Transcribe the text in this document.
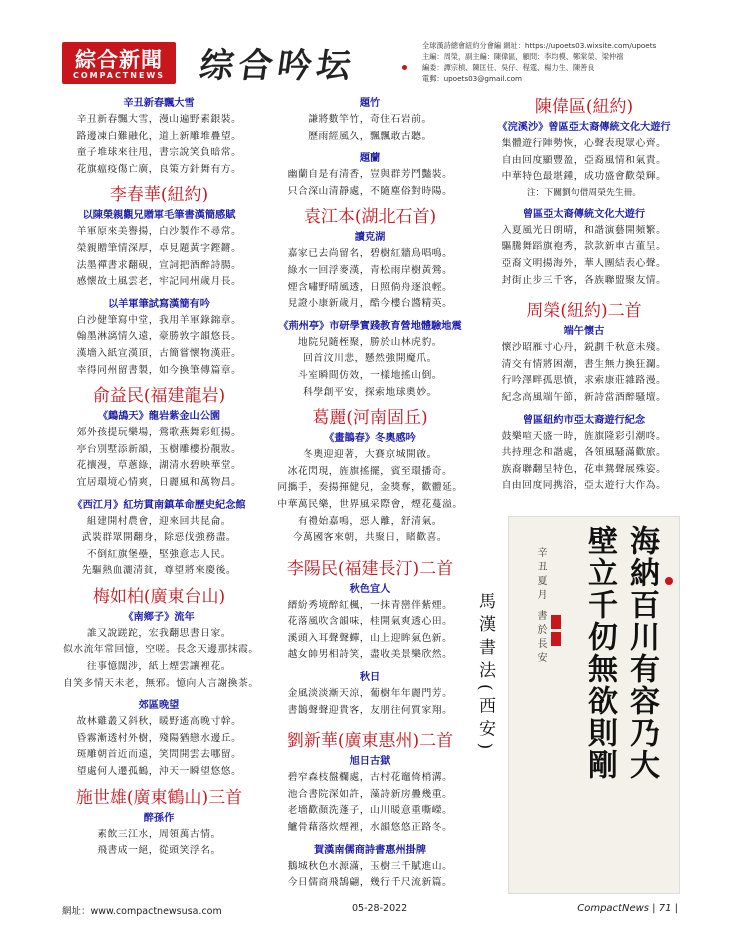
綜合新聞
COMPACTNEWS 综合吟坛
全球漢詩總會紐約分會編 網址：https://upoets03.wixsite.com/upoets
主編：周榮，副主編：陳偉區，顧問：李均模、鄭棠榮、梁仲禧
編委：譚宗楨、陳匡任、吳仔、程霆、楊力生、陳善良
電郵：upoets03@gmail.com
辛丑新春飄大雪
辛丑新春飄大雪，漫山遍野素銀裝。
路邊凍白難融化，道上新雕堆疊望。
童子堆球來往甩，書宗說笑負暗常。
花旗瘟疫傷亡廣，良策方針舞有方。
李春華(紐約)
以陳榮親觀兄贈軍毛筆書漢簡感賦
羊軍原來美譽揚，白沙製作不尋常。
榮親贈筆情深厚，卓見題黃字鏗鏘。
法墨禪書求翻硯，宣詞把酒醉詩腸。
感懷故土風雲老，牢記同州歲月長。
以羊軍筆試寫漢簡有吟
白沙健筆寫中堂，我用羊軍錄錦章。
翰墨淋漓情久遠，豪勝敦字韻悠長。
漢墻入紙宣漢頂，古簡嘗懷物漢莊。
幸得同州留書製，如今換筆傳篇章。
俞益民(福建龍岩)
《鷓鴣天》龍岩紫金山公園
郊外孩提玩樂場，鶯歌燕舞彩虹揚。
亭台別墅添新韻，玉樹雕樓扮靚妝。
花攘漫，草蔥綠，湖清水碧映華堂。
宜居環境心情爽，日麗風和萬物昌。
《西江月》紅坊貫南鎮革命歷史紀念館
組建開村農會，迎來回共昆侖。
武裝群眾開翻身，除惡伐強務盡。
不倒紅旗堡壘，堅強意志人民。
先驅熱血灑清貧，尊望將來慶後。
梅如柏(廣東台山)
《南鄉子》流年
誰又說蹉跎，宏我翻思書日家。
似水流年常回憶，空嗟。長念天邊那抹霞。
往事憶闊涉，紙上煙雲讓裡花。
自笑多情天未老，無邪。憶向人言謝換茶。
郊區晚望
故林雞叢又斜秋，暖野遙高晚寸幹。
昏霧漸透村外樹，殘陽猶戀水邊丘。
斑雕朝首近而遠，笑問開雲去哪留。
望處何人遷孤鶴，沖天一瞬望悠悠。
施世雄(廣東鶴山)三首
醉孫作
素飲三江水，周領萬古情。
飛書成一絕，從頭笑浮名。
題竹
謙將數竿竹，奇住石岩前。
歷雨經風久，飄飄敢古聽。
題蘭
幽蘭自是有清香，豈與群芳鬥豔裝。
只合深山清靜處，不隨塵俗對時陽。
袁江本(湖北石首)
讀克湖
嘉家已去尚留名，碧樹紅牆鳥唱鳴。
綠水一回浮麥漢，青松雨岸樹黃鶯。
煙含嘯野晴風透，日照倘舟逐浪輕。
見證小康新歲月，酷今樓台醬精英。
《荊州亭》市研學實踐教育營地體驗地震
地院兒隨桎聚，勝於山林虎豹。
回首汶川悲，懸然強開魔爪。
斗室瞬間仿效，一樣地搖山倒。
科學創平安，探索地球奧妙。
葛麗(河南固丘)
《畫鵲春》冬奧感吟
冬奧迎迎著，大賽京城開啟。
冰花閃現，旌旗搖擺，賓至環播奇。
同攜手，奏揚揮健兒，金獎奪，歡體延。
中華萬民樂，世界風采際會，煙花蔓溢。
有禮始嘉鳴，惡人離，舒清氣。
今萬國客來朝，共聚日，睹歡喜。
李陽民(福建長汀)二首
秋色宜人
縉紛秀境醉紅楓，一抹青巒伴紫煙。
花落風吹含韻味，桂開氣爽透心田。
溪頭入耳聲聲蟬，山上迎眸氣色新。
越女帥男相詩笑，盡收美景樂欣然。
秋日
金風淡淡漸天涼，葡樹年年麗門芳。
書鵲聲聲迎貴客，友朋往何質家翔。
劉新華(廣東惠州)二首
旭日古獄
碧窄森枝盤欄處，古村花竈倚梢溝。
池合書院深如許，藻詩新房疊幾重。
老墻歡顏洗蓬子，山川暖意重嘶嶸。
鱸骨藉落炊煙裡，水韻悠悠正路冬。
賀漢南儒商詩書惠州掛牌
鵝城秋色水源滿，玉樹三千賦進山。
今日儒商飛鵠翩，幾行千尺流新篇。
陳偉區(紐約)
《浣溪沙》曾區亞太裔傳統文化大遊行
集體遊行陣勢恢，心聲表現眾心齊。
自由回度顯豐盈，亞裔風情和氣貴。
中華特色最堪鍾，成功盛會歡榮輝。
注：下關劉句借周榮先生冊。
曾區亞太裔傳統文化大遊行
入夏風光日朗晴，和諧演藝開頻繁。
驅騰舞蹈旗袍秀，款款新車古董呈。
亞裔文明揚海外，華人團結表心聲。
封街止步三千客，各族聯盟聚友情。
周榮(紐約)二首
端午懷古
懷沙昭雁寸心丹，鋭劃千秋意未殘。
清交有情將困潮，書生無力換狂瀾。
行吟澤畔孤思憤，求索康莊雜路漫。
紀念高風端午節，新詩當酒醉騷壇。
曾區紐約市亞太裔遊行紀念
鼓樂喧天盛一時，旌旗隆彩引潮咚。
共持理念和諧處，各領風騷滿歡旅。
族裔聯翻呈特色，花車鴛聲展殊姿。
自由回度同携浴，亞太遊行大作為。
馬漢書法(西安)	海納百川有容乃大
壁立千仞無欲則剛
辛丑夏月 書於長安
網址：www.compactnewsusa.com	05-28-2022	CompactNews | 71 |
